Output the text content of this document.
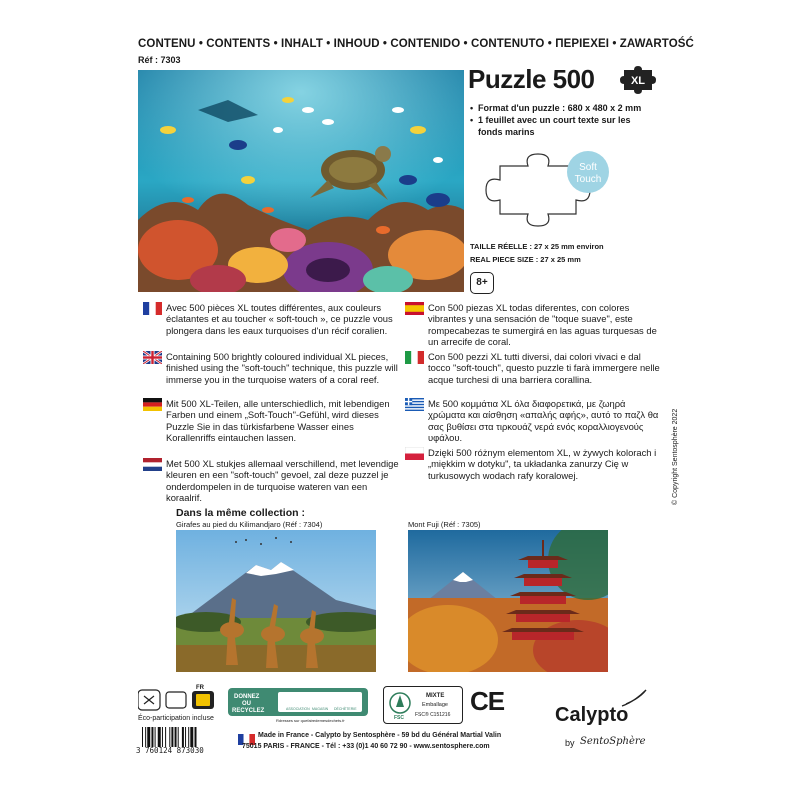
CONTENU • CONTENTS • INHALT • INHOUD • CONTENIDO • CONTENUTO • ΠΕΡΙΕΧΕΙ • ZAWARTOŚĆ
Réf : 7303
Puzzle 500	XL
• Format d'un puzzle : 680 x 480 x 2 mm
• 1 feuillet avec un court texte sur les fonds marins
Soft
Touch
TAILLE RÉELLE : 27 x 25 mm environ
REAL PIECE SIZE : 27 x 25 mm
8+
Avec 500 pièces XL toutes différentes, aux couleurs éclatantes et au toucher « soft-touch », ce puzzle vous plongera dans les eaux turquoises d'un récif coralien.
Containing 500 brightly coloured individual XL pieces, finished using the "soft-touch" technique, this puzzle will immerse you in the turquoise waters of a coral reef.
Mit 500 XL-Teilen, alle unterschiedlich, mit lebendigen Farben und einem „Soft-Touch"-Gefühl, wird dieses Puzzle Sie in das türkisfarbene Wasser eines Korallenriffs eintauchen lassen.
Met 500 XL stukjes allemaal verschillend, met levendige kleuren en een "soft-touch" gevoel, zal deze puzzel je onderdompelen in de turquoise wateren van een koraalrif.
Con 500 piezas XL todas diferentes, con colores vibrantes y una sensación de "toque suave", este rompecabezas te sumergirá en las aguas turquesas de un arrecife de coral.
Con 500 pezzi XL tutti diversi, dai colori vivaci e dal tocco "soft-touch", questo puzzle ti farà immergere nelle acque turchesi di una barriera corallina.
Με 500 κομμάτια XL όλα διαφορετικά, με ζωηρά χρώματα και αίσθηση «απαλής αφής», αυτό το παζλ θα σας βυθίσει στα τιρκουάζ νερά ενός κοραλλιογενούς υφάλου.
Dzięki 500 różnym elementom XL, w żywych kolorach i „miękkim w dotyku", ta układanka zanurzy Cię w turkusowych wodach rafy koralowej.	© Copyright Sentosphère 2022
Dans la même collection :
Girafes au pied du Kilimandjaro (Réf : 7304)	Mont Fuji (Réf : 7305)
FR
Éco-participation incluse
DONNEZ
OU
RECYCLEZ	ASSOCIATION MAGASIN DÉCHÈTERIE
Rdresses sur quefairedemesdechets.fr	FSC
MIXTE
Emballage
FSC® C151216 CE	Calypto
by SentoSphère
Made in France - Calypto by Sentosphère - 59 bd du Général Martial Valin
75015 PARIS - FRANCE - Tél : +33 (0)1 40 60 72 90 - www.sentosphere.com
3 760124 873030
